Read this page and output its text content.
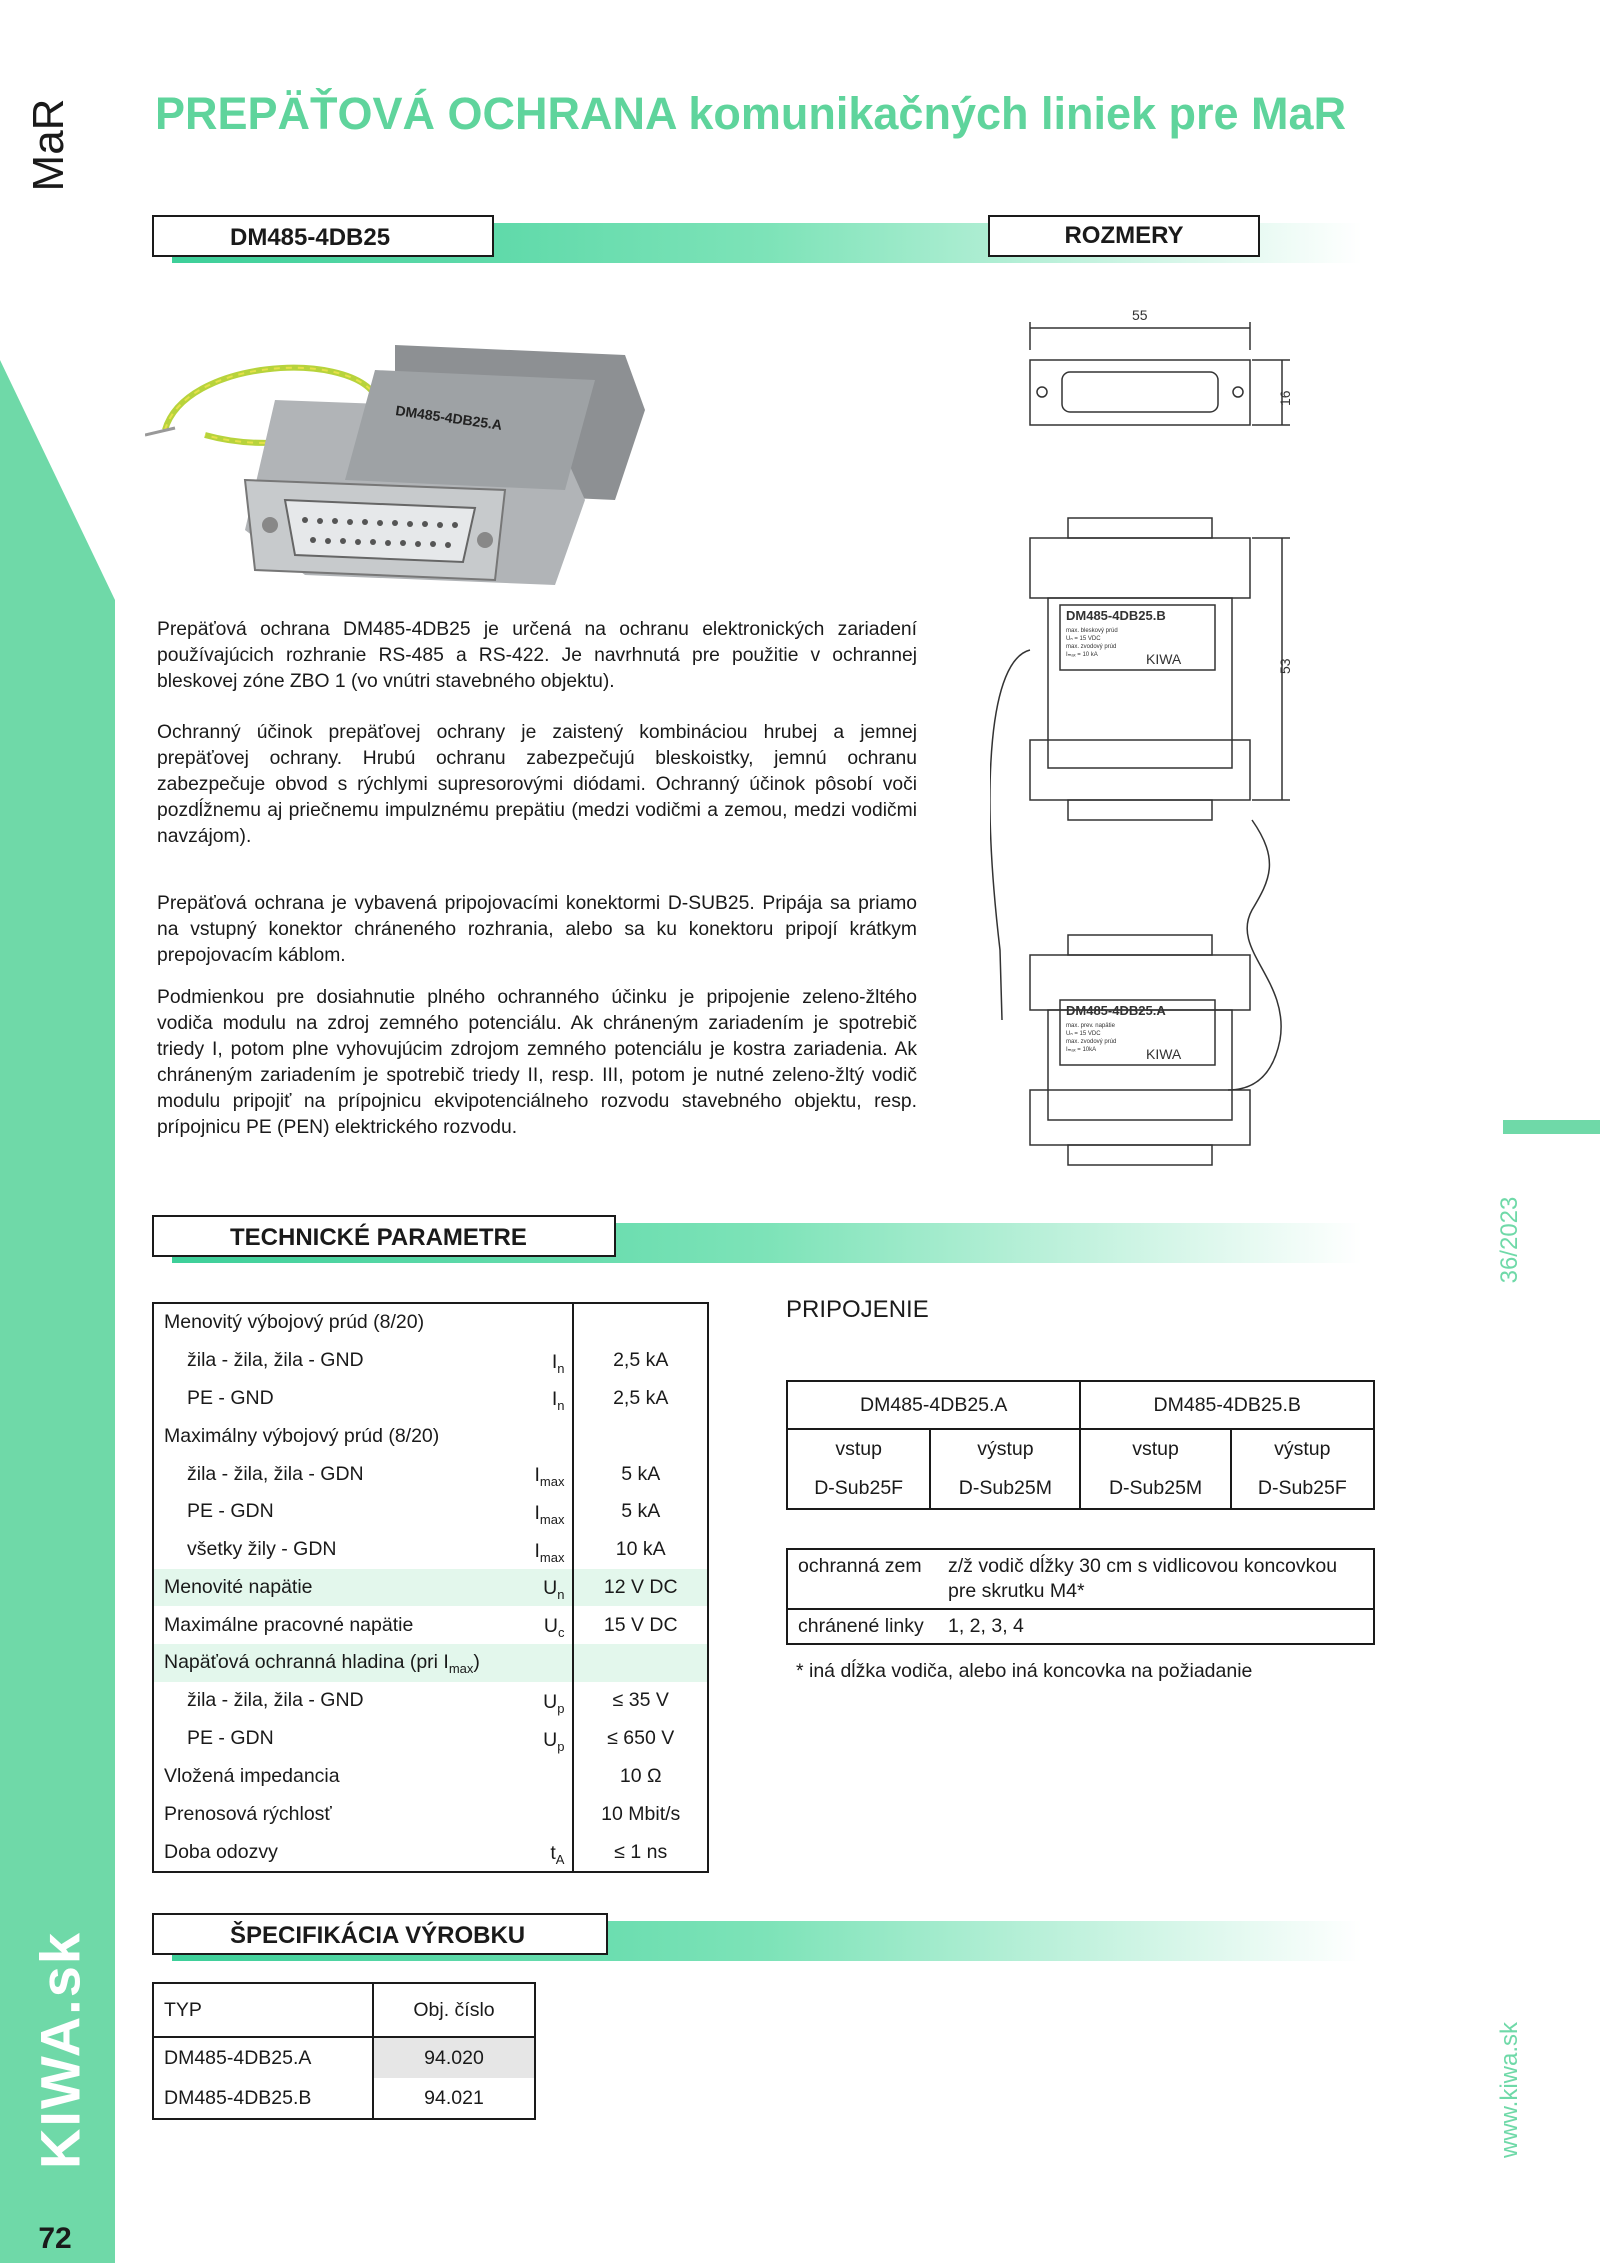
MaR
KIWA.sk
72
36/2023
www.kiwa.sk
PREPÄŤOVÁ OCHRANA komunikačných liniek pre MaR
DM485-4DB25	ROZMERY
DM485-4DB25.A

Prepäťová ochrana DM485-4DB25 je určená na ochranu elektronických zariadení používajúcich rozhranie RS-485 a RS-422. Je navrhnutá pre použitie v ochrannej bleskovej zóne ZBO 1 (vo vnútri stavebného objektu).

Ochranný účinok prepäťovej ochrany je zaistený kombináciou hrubej a jemnej prepäťovej ochrany. Hrubú ochranu zabezpečujú bleskoistky, jemnú ochranu zabezpečuje obvod s rýchlymi supresorovými diódami. Ochranný účinok pôsobí voči pozdĺžnemu aj priečnemu impulznému prepätiu (medzi vodičmi a zemou, medzi vodičmi navzájom).

Prepäťová ochrana je vybavená pripojovacími konektormi D-SUB25. Pripája sa priamo na vstupný konektor chráneného rozhrania, alebo sa ku konektoru pripojí krátkym prepojovacím káblom.

Podmienkou pre dosiahnutie plného ochranného účinku je pripojenie zeleno-žltého vodiča modulu na zdroj zemného potenciálu. Ak chráneným zariadením je spotrebič triedy I, potom plne vyhovujúcim zdrojom zemného potenciálu je kostra zariadenia. Ak chráneným zariadením je spotrebič triedy II, resp. III, potom je nutné zeleno-žltý vodič modulu pripojiť na prípojnicu ekvipotenciálneho rozvodu stavebného objektu, resp. prípojnicu PE (PEN) elektrického rozvodu.

55
16
53
DM485-4DB25.B
max. bleskový prúd
Uₙ = 15 VDC
max. zvodový prúd
Iₘₐₓ = 10 kA	KIWA
DM485-4DB25.A
max. prev. napätie
Uₙ = 15 VDC
max. zvodový prúd
Iₘₐₓ = 10kA	KIWA
TECHNICKÉ PARAMETRE
Menovitý výbojový prúd (8/20)	
žila - žila, žila - GND $I_n$	2,5 kA
PE - GND $I_n$	2,5 kA
Maximálny výbojový prúd (8/20)	
žila - žila, žila - GDN $I_{max}$	5 kA
PE - GDN $I_{max}$	5 kA
všetky žily - GDN $I_{max}$	10 kA
Menovité napätie $U_n$	12 V DC
Maximálne pracovné napätie $U_c$	15 V DC
Napäťová ochranná hladina (pri $I_{max}$)	
žila - žila, žila - GND $U_p$	≤ 35 V
PE - GDN $U_p$	≤ 650 V
Vložená impedancia	10 Ω
Prenosová rýchlosť	10 Mbit/s
Doba odozvy $t_A$	≤ 1 ns
PRIPOJENIE
DM485-4DB25.A		DM485-4DB25.B	
vstup	výstup	vstup	výstup
D-Sub25F	D-Sub25M	D-Sub25M	D-Sub25F
ochranná zem	z/ž vodič dĺžky 30 cm s vidlicovou koncovkou pre skrutku M4*
chránené linky	1, 2, 3, 4
* iná dĺžka vodiča, alebo iná koncovka na požiadanie
ŠPECIFIKÁCIA VÝROBKU
TYP	Obj. číslo
DM485-4DB25.A	94.020
DM485-4DB25.B	94.021
